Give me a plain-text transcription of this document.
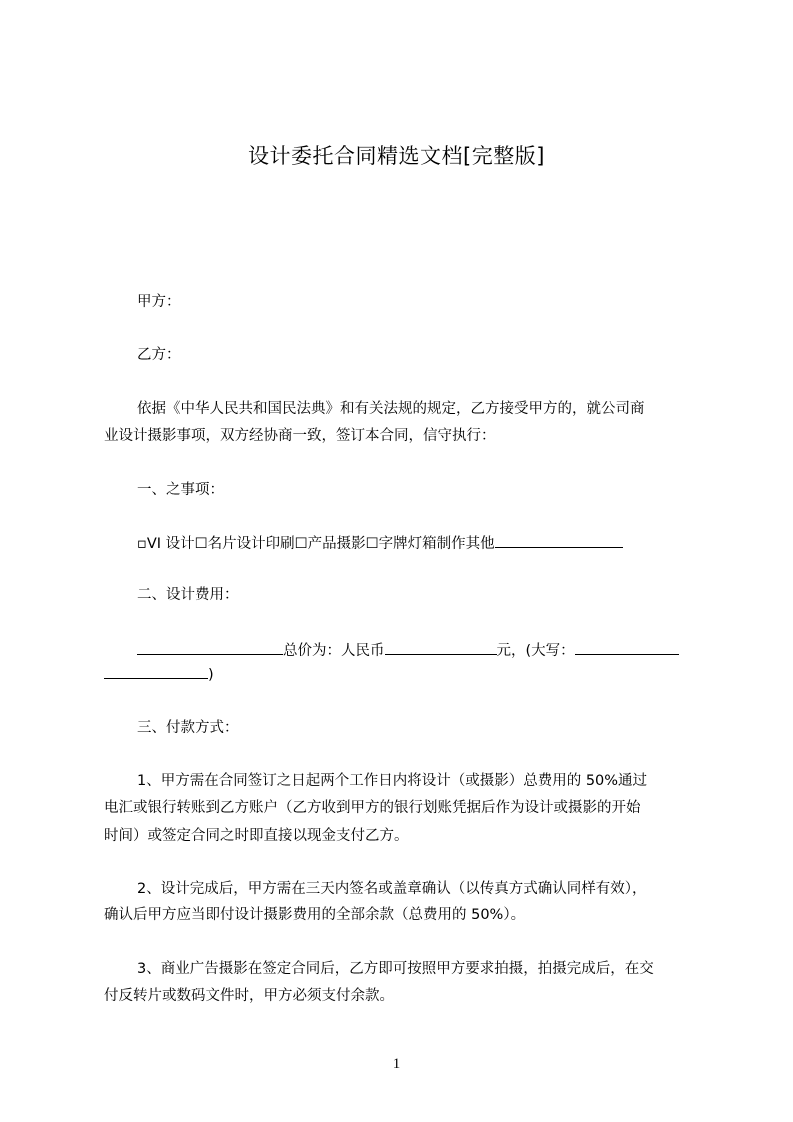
设计委托合同精选文档[完整版]
甲方：
乙方：
依据《中华人民共和国民法典》和有关法规的规定，乙方接受甲方的，就公司商
业设计摄影事项，双方经协商一致，签订本合同，信守执行：
一、之事项：
▫VI 设计☐名片设计印刷☐产品摄影☐字牌灯箱制作其他
二、设计费用：
总价为：人民币	元，(大写：
)
三、付款方式：
1、甲方需在合同签订之日起两个工作日内将设计（或摄影）总费用的 50%通过
电汇或银行转账到乙方账户（乙方收到甲方的银行划账凭据后作为设计或摄影的开始
时间）或签定合同之时即直接以现金支付乙方。
2、设计完成后，甲方需在三天内签名或盖章确认（以传真方式确认同样有效），
确认后甲方应当即付设计摄影费用的全部余款（总费用的 50%）。
3、商业广告摄影在签定合同后，乙方即可按照甲方要求拍摄，拍摄完成后，在交
付反转片或数码文件时，甲方必须支付余款。
1
